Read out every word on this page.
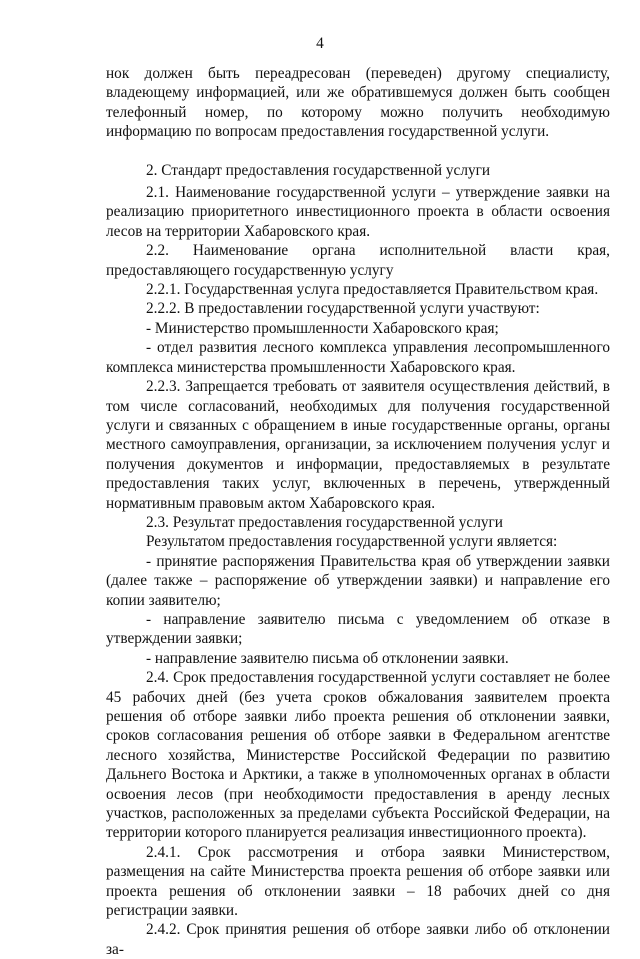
4

нок должен быть переадресован (переведен) другому специалисту, владеющему информацией, или же обратившемуся должен быть сообщен телефонный номер, по которому можно получить необходимую информацию по вопросам предоставления государственной услуги.

2. Стандарт предоставления государственной услуги

2.1. Наименование государственной услуги – утверждение заявки на реализацию приоритетного инвестиционного проекта в области освоения лесов на территории Хабаровского края.

2.2. Наименование органа исполнительной власти края, предоставляющего государственную услугу

2.2.1. Государственная услуга предоставляется Правительством края.

2.2.2. В предоставлении государственной услуги участвуют:

- Министерство промышленности Хабаровского края;

- отдел развития лесного комплекса управления лесопромышленного комплекса министерства промышленности Хабаровского края.

2.2.3. Запрещается требовать от заявителя осуществления действий, в том числе согласований, необходимых для получения государственной услуги и связанных с обращением в иные государственные органы, органы местного самоуправления, организации, за исключением получения услуг и получения документов и информации, предоставляемых в результате предоставления таких услуг, включенных в перечень, утвержденный нормативным правовым актом Хабаровского края.

2.3. Результат предоставления государственной услуги

Результатом предоставления государственной услуги является:

- принятие распоряжения Правительства края об утверждении заявки (далее также – распоряжение об утверждении заявки) и направление его копии заявителю;

- направление заявителю письма с уведомлением об отказе в утверждении заявки;

- направление заявителю письма об отклонении заявки.

2.4. Срок предоставления государственной услуги составляет не более 45 рабочих дней (без учета сроков обжалования заявителем проекта решения об отборе заявки либо проекта решения об отклонении заявки, сроков согласования решения об отборе заявки в Федеральном агентстве лесного хозяйства, Министерстве Российской Федерации по развитию Дальнего Востока и Арктики, а также в уполномоченных органах в области освоения лесов (при необходимости предоставления в аренду лесных участков, расположенных за пределами субъекта Российской Федерации, на территории которого планируется реализация инвестиционного проекта).

2.4.1. Срок рассмотрения и отбора заявки Министерством, размещения на сайте Министерства проекта решения об отборе заявки или проекта решения об отклонении заявки – 18 рабочих дней со дня регистрации заявки.

2.4.2. Срок принятия решения об отборе заявки либо об отклонении за-
